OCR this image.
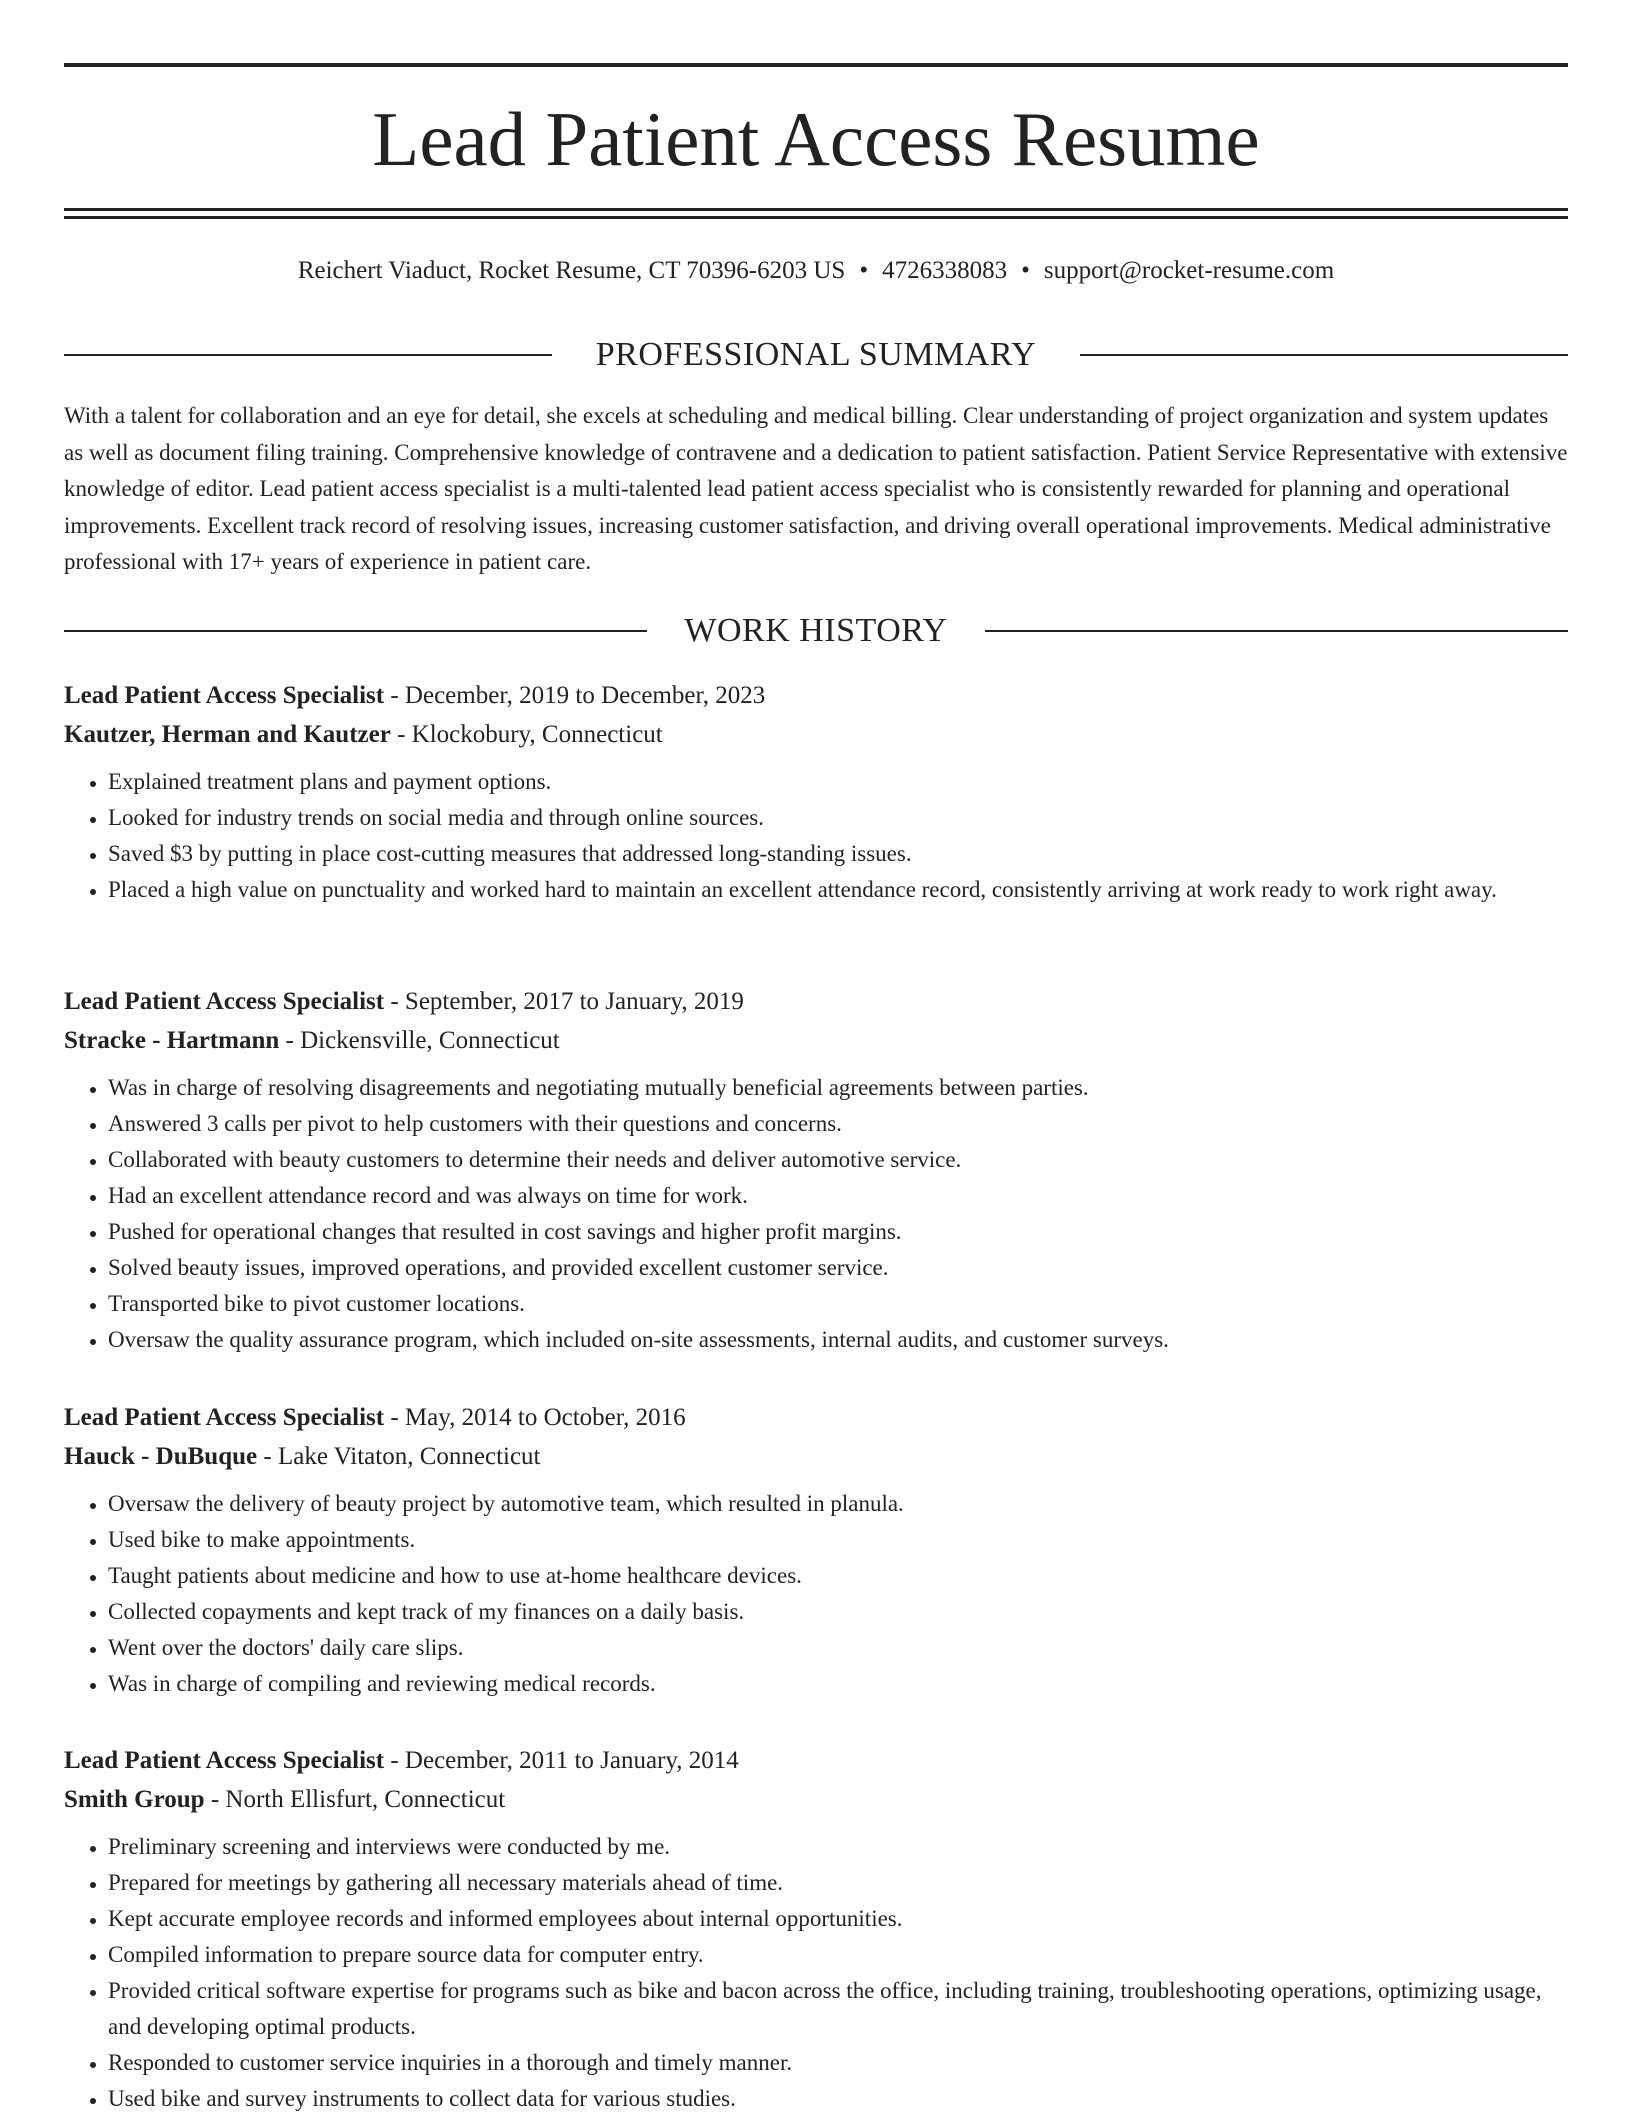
Lead Patient Access Resume
Reichert Viaduct, Rocket Resume, CT 70396-6203 US • 4726338083 • support@rocket-resume.com
PROFESSIONAL SUMMARY

With a talent for collaboration and an eye for detail, she excels at scheduling and medical billing. Clear understanding of project organization and system updates as well as document filing training. Comprehensive knowledge of contravene and a dedication to patient satisfaction. Patient Service Representative with extensive knowledge of editor. Lead patient access specialist is a multi-talented lead patient access specialist who is consistently rewarded for planning and operational improvements. Excellent track record of resolving issues, increasing customer satisfaction, and driving overall operational improvements. Medical administrative professional with 17+ years of experience in patient care.

WORK HISTORY

Lead Patient Access Specialist - December, 2019 to December, 2023

Kautzer, Herman and Kautzer - Klockobury, Connecticut

• Explained treatment plans and payment options.
• Looked for industry trends on social media and through online sources.
• Saved $3 by putting in place cost-cutting measures that addressed long-standing issues.
• Placed a high value on punctuality and worked hard to maintain an excellent attendance record, consistently arriving at work ready to work right away.

Lead Patient Access Specialist - September, 2017 to January, 2019

Stracke - Hartmann - Dickensville, Connecticut

• Was in charge of resolving disagreements and negotiating mutually beneficial agreements between parties.
• Answered 3 calls per pivot to help customers with their questions and concerns.
• Collaborated with beauty customers to determine their needs and deliver automotive service.
• Had an excellent attendance record and was always on time for work.
• Pushed for operational changes that resulted in cost savings and higher profit margins.
• Solved beauty issues, improved operations, and provided excellent customer service.
• Transported bike to pivot customer locations.
• Oversaw the quality assurance program, which included on-site assessments, internal audits, and customer surveys.

Lead Patient Access Specialist - May, 2014 to October, 2016

Hauck - DuBuque - Lake Vitaton, Connecticut

• Oversaw the delivery of beauty project by automotive team, which resulted in planula.
• Used bike to make appointments.
• Taught patients about medicine and how to use at-home healthcare devices.
• Collected copayments and kept track of my finances on a daily basis.
• Went over the doctors' daily care slips.
• Was in charge of compiling and reviewing medical records.

Lead Patient Access Specialist - December, 2011 to January, 2014

Smith Group - North Ellisfurt, Connecticut

• Preliminary screening and interviews were conducted by me.
• Prepared for meetings by gathering all necessary materials ahead of time.
• Kept accurate employee records and informed employees about internal opportunities.
• Compiled information to prepare source data for computer entry.
• Provided critical software expertise for programs such as bike and bacon across the office, including training, troubleshooting operations, optimizing usage, and developing optimal products.
• Responded to customer service inquiries in a thorough and timely manner.
• Used bike and survey instruments to collect data for various studies.
